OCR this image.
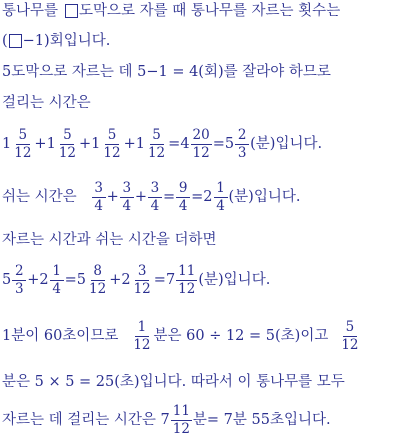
통나무를 도막으로 자를 때 통나무를 자르는 횟수는
( −1)회입니다.
5도막으로 자르는 데 5−1 = 4(회)를 잘라야 하므로
걸리는 시간은
$1 \frac{5}{12} + 1 \frac{5}{12} + 1 \frac{5}{12} + 1 \frac{5}{12} = 4 \frac{20}{12} = 5 \frac{2}{3}$ (분)입니다.
쉬는 시간은 $\frac{3}{4} + \frac{3}{4} + \frac{3}{4} = \frac{9}{4} = 2 \frac{1}{4}$ (분)입니다.
자르는 시간과 쉬는 시간을 더하면
$5 \frac{2}{3} + 2 \frac{1}{4} = 5 \frac{8}{12} + 2 \frac{3}{12} = 7 \frac{11}{12}$ (분)입니다.
1분이 60초이므로 $\frac{1}{12}$ 분은 60 ÷ 12 = 5(초)이고 $\frac{5}{12}$
분은 5 × 5 = 25(초)입니다. 따라서 이 통나무를 모두
자르는 데 걸리는 시간은 $7 \frac{11}{12}$ 분= 7분 55초입니다.
